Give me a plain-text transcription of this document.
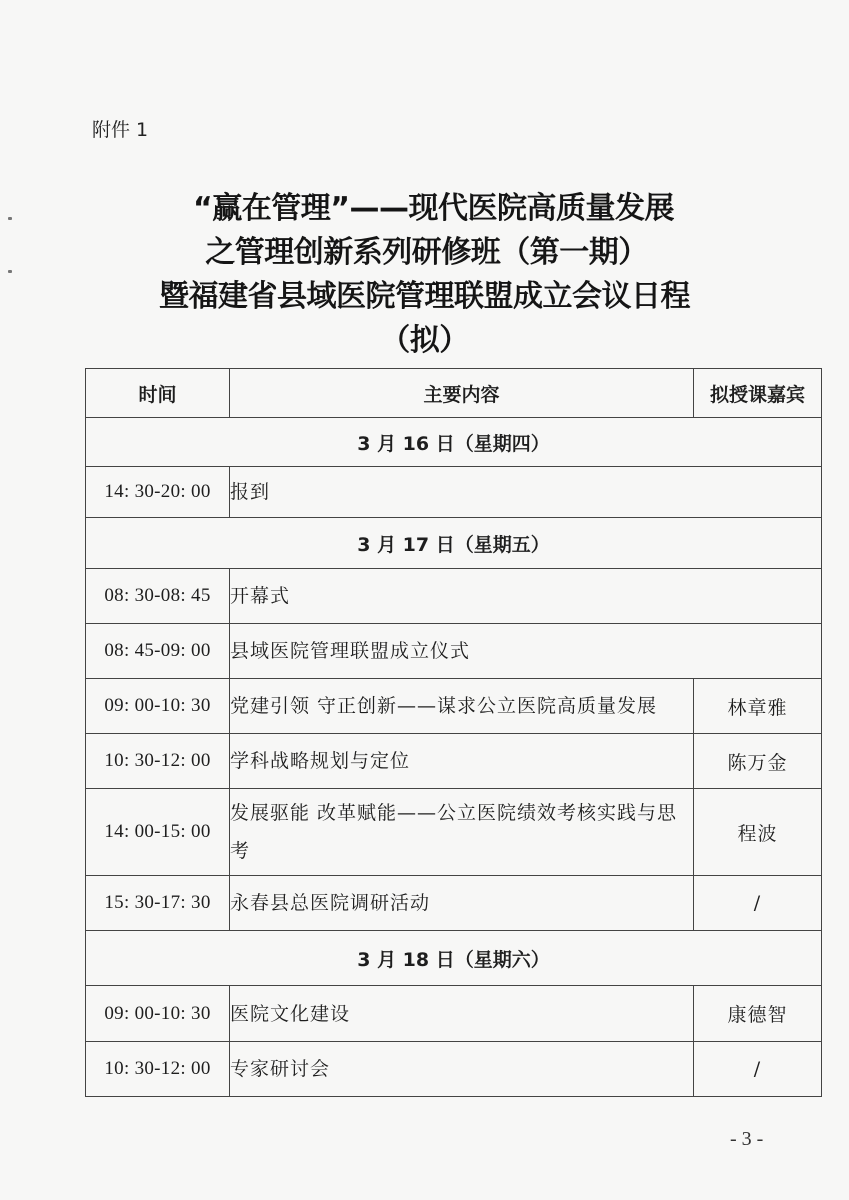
附件 1
“赢在管理”——现代医院高质量发展
之管理创新系列研修班（第一期）
暨福建省县域医院管理联盟成立会议日程
（拟）
时间	主要内容	拟授课嘉宾
3 月 16 日（星期四）		
14: 30-20: 00	报到	
3 月 17 日（星期五）		
08: 30-08: 45	开幕式	
08: 45-09: 00	县域医院管理联盟成立仪式	
09: 00-10: 30	党建引领 守正创新——谋求公立医院高质量发展	林章雅
10: 30-12: 00	学科战略规划与定位	陈万金
14: 00-15: 00	发展驱能 改革赋能——公立医院绩效考核实践与思考	程波
15: 30-17: 30	永春县总医院调研活动	/
3 月 18 日（星期六）		
09: 00-10: 30	医院文化建设	康德智
10: 30-12: 00	专家研讨会	/
- 3 -
